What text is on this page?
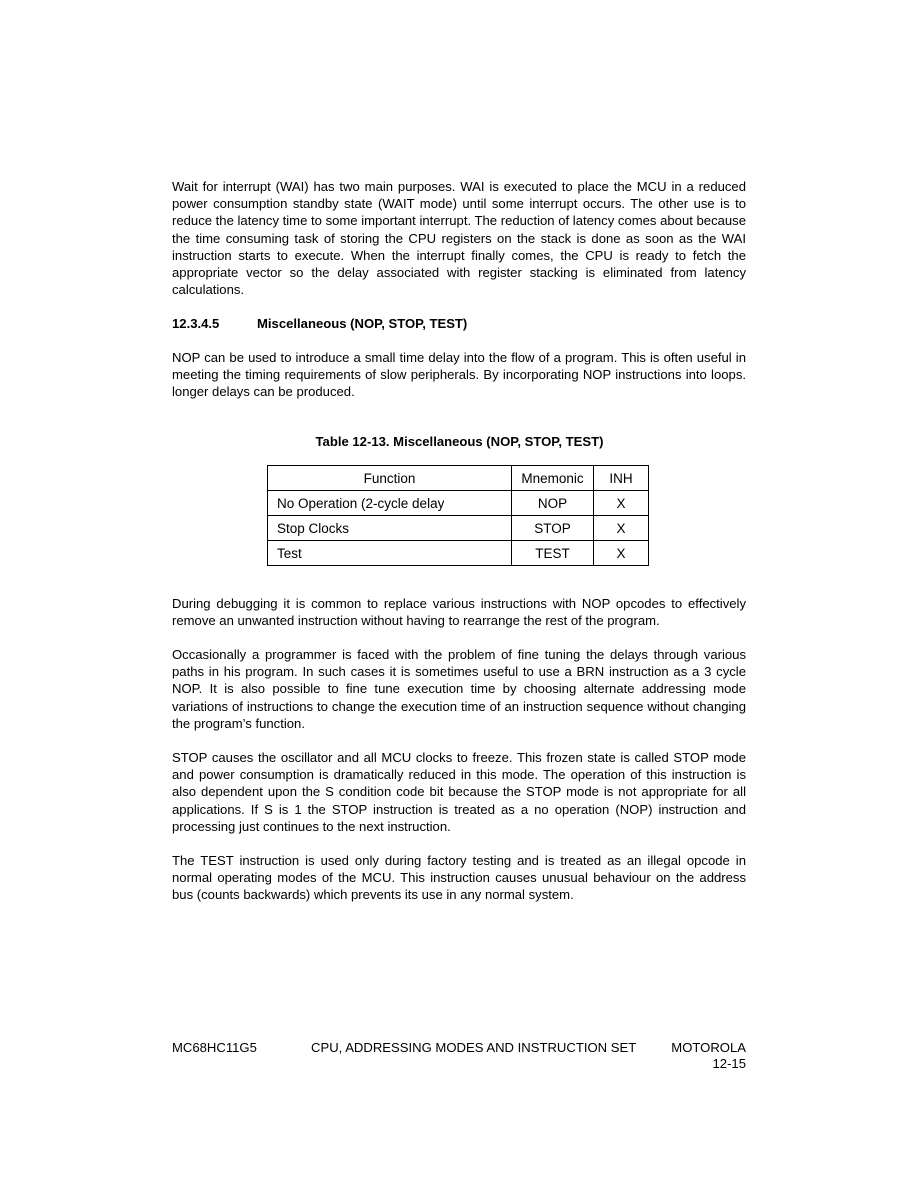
Wait for interrupt (WAI) has two main purposes. WAI is executed to place the MCU in a reduced power consumption standby state (WAIT mode) until some interrupt occurs. The other use is to reduce the latency time to some important interrupt. The reduction of latency comes about because the time consuming task of storing the CPU registers on the stack is done as soon as the WAI instruction starts to execute. When the interrupt finally comes, the CPU is ready to fetch the appropriate vector so the delay associated with register stacking is eliminated from latency calculations.

12.3.4.5	Miscellaneous (NOP, STOP, TEST)

NOP can be used to introduce a small time delay into the flow of a program. This is often useful in meeting the timing requirements of slow peripherals. By incorporating NOP instructions into loops. longer delays can be produced.

Table 12-13. Miscellaneous (NOP, STOP, TEST)
Function	Mnemonic	INH
No Operation (2-cycle delay	NOP	X
Stop Clocks	STOP	X
Test	TEST	X

During debugging it is common to replace various instructions with NOP opcodes to effectively remove an unwanted instruction without having to rearrange the rest of the program.

Occasionally a programmer is faced with the problem of fine tuning the delays through various paths in his program. In such cases it is sometimes useful to use a BRN instruction as a 3 cycle NOP. It is also possible to fine tune execution time by choosing alternate addressing mode variations of instructions to change the execution time of an instruction sequence without changing the program’s function.

STOP causes the oscillator and all MCU clocks to freeze. This frozen state is called STOP mode and power consumption is dramatically reduced in this mode. The operation of this instruction is also dependent upon the S condition code bit because the STOP mode is not appropriate for all applications. If S is 1 the STOP instruction is treated as a no operation (NOP) instruction and processing just continues to the next instruction.

The TEST instruction is used only during factory testing and is treated as an illegal opcode in normal operating modes of the MCU. This instruction causes unusual behaviour on the address bus (counts backwards) which prevents its use in any normal system.

MC68HC11G5	CPU, ADDRESSING MODES AND INSTRUCTION SET	MOTOROLA
12-15
